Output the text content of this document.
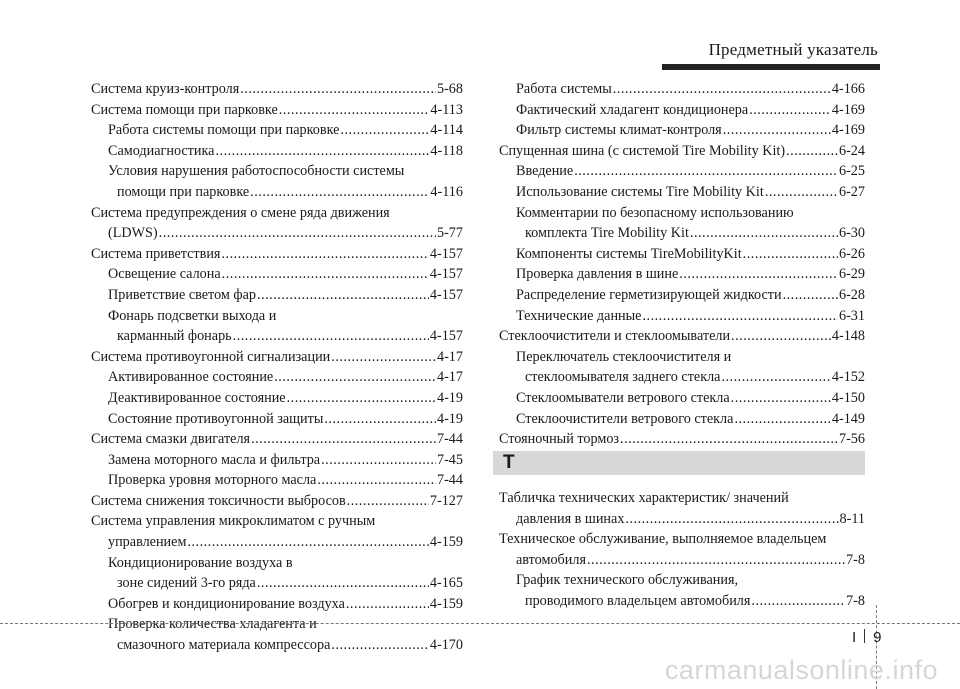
Предметный указатель
Система круиз-контроля .....	5-68
Система помощи при парковке .....	4-113
Работа системы помощи при парковке .....	4-114
Самодиагностика .....	4-118
Условия нарушения работоспособности системы
помощи при парковке .....	4-116
Система предупреждения о смене ряда движения
(LDWS) .....	5-77
Система приветствия .....	4-157
Освещение салона .....	4-157
Приветствие светом фар .....	4-157
Фонарь подсветки выхода и
карманный фонарь .....	4-157
Система противоугонной сигнализации .....	4-17
Активированное состояние .....	4-17
Деактивированное состояние .....	4-19
Состояние противоугонной защиты .....	4-19
Система смазки двигателя .....	7-44
Замена моторного масла и фильтра .....	7-45
Проверка уровня моторного масла .....	7-44
Система снижения токсичности выбросов .....	7-127
Система управления микроклиматом с ручным
управлением .....	4-159
Кондиционирование воздуха в
зоне сидений 3-го ряда .....	4-165
Обогрев и кондиционирование воздуха .....	4-159
Проверка количества хладагента и
смазочного материала компрессора .....	4-170
Работа системы .....	4-166
Фактический хладагент кондиционера .....	4-169
Фильтр системы климат-контроля .....	4-169
Спущенная шина (с системой Tire Mobility Kit) .....	6-24
Введение .....	6-25
Использование системы Tire Mobility Kit .....	6-27
Комментарии по безопасному использованию
комплекта Tire Mobility Kit .....	6-30
Компоненты системы TireMobilityKit .....	6-26
Проверка давления в шине .....	6-29
Распределение герметизирующей жидкости .....	6-28
Технические данные .....	6-31
Стеклоочистители и стеклоомыватели .....	4-148
Переключатель стеклоочистителя и
стеклоомывателя заднего стекла .....	4-152
Стеклоомыватели ветрового стекла .....	4-150
Стеклоочистители ветрового стекла .....	4-149
Стояночный тормоз .....	7-56
.....
T
Табличка технических характеристик/ значений
давления в шинах .....	8-11
Техническое обслуживание, выполняемое владельцем
автомобиля .....	7-8
График технического обслуживания,
проводимого владельцем автомобиля .....	7-8
I 9
carmanualsonline.info
